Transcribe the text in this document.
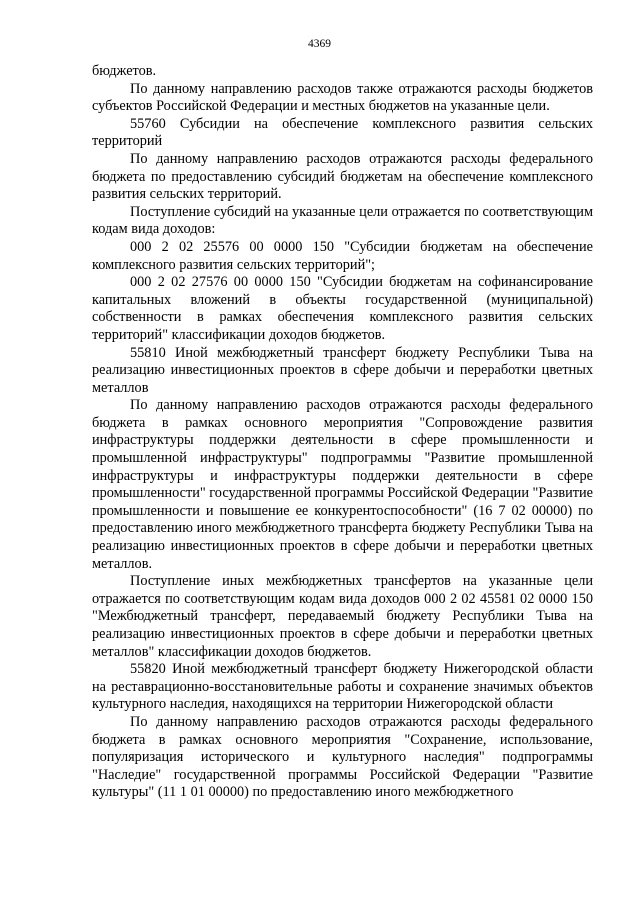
4369

бюджетов.

По данному направлению расходов также отражаются расходы бюджетов субъектов Российской Федерации и местных бюджетов на указанные цели.

55760 Субсидии на обеспечение комплексного развития сельских территорий

По данному направлению расходов отражаются расходы федерального бюджета по предоставлению субсидий бюджетам на обеспечение комплексного развития сельских территорий.

Поступление субсидий на указанные цели отражается по соответствующим кодам вида доходов:

000 2 02 25576 00 0000 150 "Субсидии бюджетам на обеспечение комплексного развития сельских территорий";

000 2 02 27576 00 0000 150 "Субсидии бюджетам на софинансирование капитальных вложений в объекты государственной (муниципальной) собственности в рамках обеспечения комплексного развития сельских территорий" классификации доходов бюджетов.

55810 Иной межбюджетный трансферт бюджету Республики Тыва на реализацию инвестиционных проектов в сфере добычи и переработки цветных металлов

По данному направлению расходов отражаются расходы федерального бюджета в рамках основного мероприятия "Сопровождение развития инфраструктуры поддержки деятельности в сфере промышленности и промышленной инфраструктуры" подпрограммы "Развитие промышленной инфраструктуры и инфраструктуры поддержки деятельности в сфере промышленности" государственной программы Российской Федерации "Развитие промышленности и повышение ее конкурентоспособности" (16 7 02 00000) по предоставлению иного межбюджетного трансферта бюджету Республики Тыва на реализацию инвестиционных проектов в сфере добычи и переработки цветных металлов.

Поступление иных межбюджетных трансфертов на указанные цели отражается по соответствующим кодам вида доходов 000 2 02 45581 02 0000 150 "Межбюджетный трансферт, передаваемый бюджету Республики Тыва на реализацию инвестиционных проектов в сфере добычи и переработки цветных металлов" классификации доходов бюджетов.

55820 Иной межбюджетный трансферт бюджету Нижегородской области на реставрационно-восстановительные работы и сохранение значимых объектов культурного наследия, находящихся на территории Нижегородской области

По данному направлению расходов отражаются расходы федерального бюджета в рамках основного мероприятия "Сохранение, использование, популяризация исторического и культурного наследия" подпрограммы "Наследие" государственной программы Российской Федерации "Развитие культуры" (11 1 01 00000) по предоставлению иного межбюджетного
